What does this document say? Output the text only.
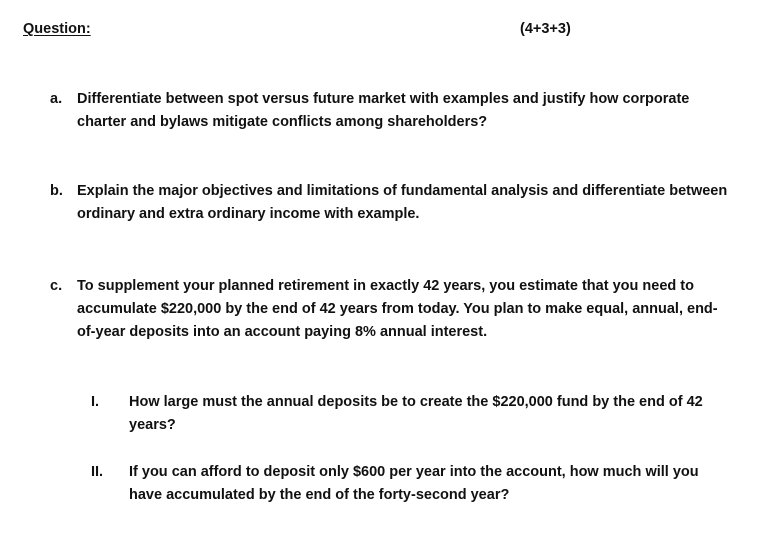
Question:	(4+3+3)
a. Differentiate between spot versus future market with examples and justify how corporate charter and bylaws mitigate conflicts among shareholders?
b. Explain the major objectives and limitations of fundamental analysis and differentiate between ordinary and extra ordinary income with example.
c. To supplement your planned retirement in exactly 42 years, you estimate that you need to accumulate $220,000 by the end of 42 years from today. You plan to make equal, annual, end-of-year deposits into an account paying 8% annual interest.
I. How large must the annual deposits be to create the $220,000 fund by the end of 42 years?
II. If you can afford to deposit only $600 per year into the account, how much will you have accumulated by the end of the forty-second year?
